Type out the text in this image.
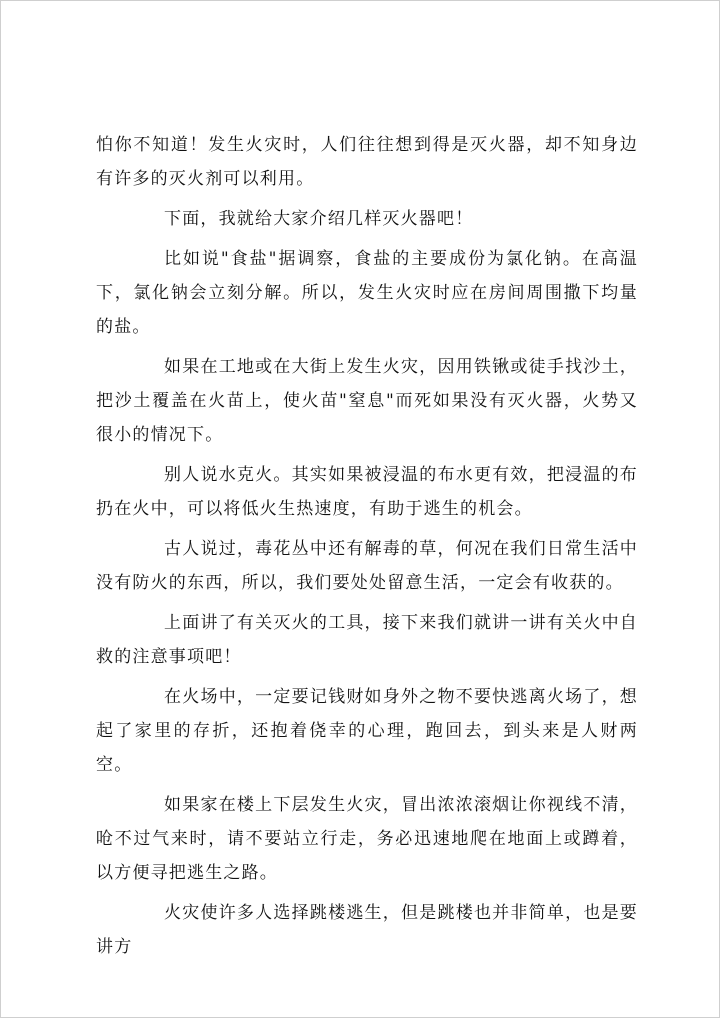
怕你不知道！发生火灾时，人们往往想到得是灭火器，却不知身边有许多的灭火剂可以利用。

下面，我就给大家介绍几样灭火器吧！

比如说"食盐"据调察，食盐的主要成份为氯化钠。在高温下，氯化钠会立刻分解。所以，发生火灾时应在房间周围撒下均量的盐。

如果在工地或在大街上发生火灾，因用铁锹或徒手找沙土，把沙土覆盖在火苗上，使火苗"窒息"而死如果没有灭火器，火势又很小的情况下。

别人说水克火。其实如果被浸温的布水更有效，把浸温的布扔在火中，可以将低火生热速度，有助于逃生的机会。

古人说过，毒花丛中还有解毒的草，何况在我们日常生活中没有防火的东西，所以，我们要处处留意生活，一定会有收获的。

上面讲了有关灭火的工具，接下来我们就讲一讲有关火中自救的注意事项吧！

在火场中，一定要记钱财如身外之物不要快逃离火场了，想起了家里的存折，还抱着侥幸的心理，跑回去，到头来是人财两空。

如果家在楼上下层发生火灾，冒出浓浓滚烟让你视线不清，呛不过气来时，请不要站立行走，务必迅速地爬在地面上或蹲着，以方便寻把逃生之路。

火灾使许多人选择跳楼逃生，但是跳楼也并非简单，也是要讲方
